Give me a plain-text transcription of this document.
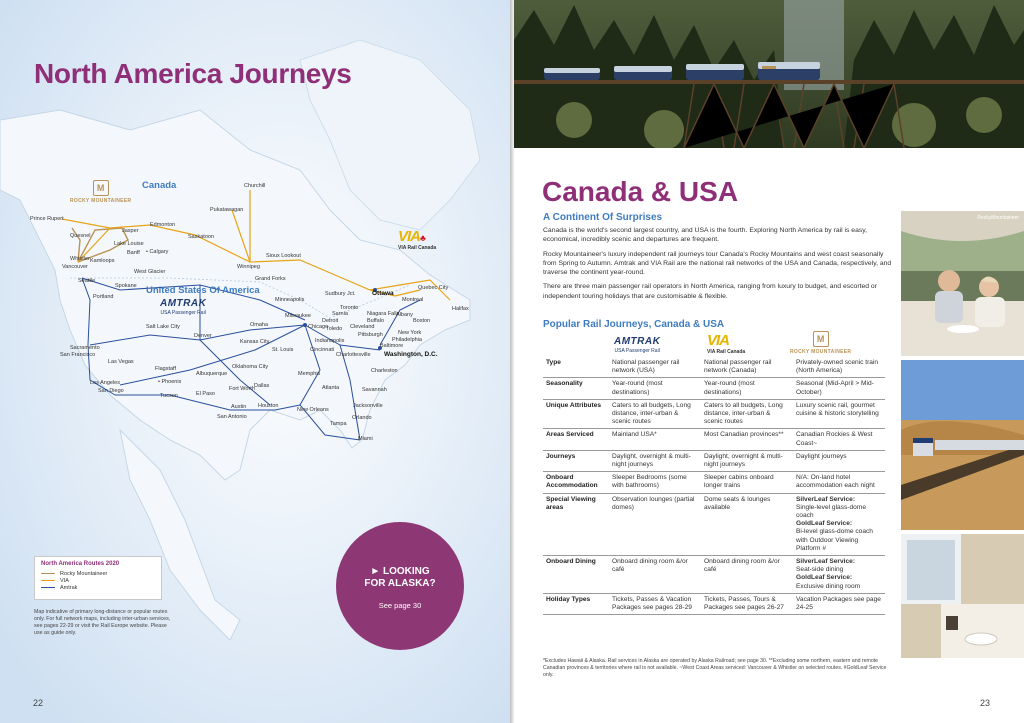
North America Journeys
Canada
United States Of America
M
ROCKY MOUNTAINEER
VIA♣
VIA Rail Canada
AMTRAK
USA Passenger Rail
Churchill
Pukatawagan
Prince Rupert
Quesnel
Jasper
Edmonton
Saskatoon
Banff
Lake Louise
• Calgary
Whistler Kamloops
Vancouver	Winnipeg
Sioux Lookout
West Glacier
Seattle
Spokane
Portland
Grand Forks
Minneapolis
Sudbury Jct.	Ottawa
Montreal
Quebec City
Halifax
Toronto
Sarnia	Niagara Falls
Buffalo
Albany
Boston
Detroit
Milwaukee
Chicago
Toledo Cleveland
Pittsburgh	New York
Philadelphia
Baltimore
Washington, D.C.
Salt Lake City
Denver
Omaha
Kansas City
St. Louis
Indianapolis
Cincinnati
Charlottesville
Sacramento
San Francisco
Las Vegas
Flagstaff
Albuquerque
Oklahoma City
Memphis
Atlanta
Charleston
Savannah
Los Angeles	• Phoenix
San Diego
Tucson	El Paso
Fort Worth Dallas
Austin Houston
San Antonio
New Orleans
Jacksonville
Orlando
Tampa
Miami
North America Routes 2020
Rocky Mountaineer
VIA
Amtrak
Map indicative of primary long-distance or popular routes only. For full network maps, including inter-urban services, see pages 22-29 or visit the Rail Europe website. Please use as guide only.
► LOOKING
FOR ALASKA?
See page 30
22
Canada & USA
A Continent Of Surprises

Canada is the world's second largest country, and USA is the fourth. Exploring North America by rail is easy, economical, incredibly scenic and departures are frequent.

Rocky Mountaineer's luxury independent rail journeys tour Canada's Rocky Mountains and west coast seasonally from Spring to Autumn. Amtrak and VIA Rail are the national rail networks of the USA and Canada, respectively, and traverse the continent year-round.

There are three main passenger rail operators in North America, ranging from luxury to budget, and escorted or independent touring holidays that are customisable & flexible.

Popular Rail Journeys, Canada & USA
AMTRAK
USA Passenger Rail
VIA
VIA Rail Canada
M
ROCKY MOUNTAINEER
Type	National passenger rail network (USA)	National passenger rail network (Canada)	Privately-owned scenic train (North America)
Seasonality	Year-round (most destinations)	Year-round (most destinations)	Seasonal (Mid-April > Mid-October)
Unique Attributes	Caters to all budgets, Long distance, inter-urban & scenic routes	Caters to all budgets, Long distance, inter-urban & scenic routes	Luxury scenic rail, gourmet cuisine & historic storytelling
Areas Serviced	Mainland USA*	Most Canadian provinces**	Canadian Rockies & West Coast~
Journeys	Daylight, overnight & multi-night journeys	Daylight, overnight & multi-night journeys	Daylight journeys
Onboard Accommodation	Sleeper Bedrooms (some with bathrooms)	Sleeper cabins onboard longer trains	N/A: On-land hotel accommodation each night
Special Viewing areas	Observation lounges (partial domes)	Dome seats & lounges available	SilverLeaf Service:
Single-level glass-dome coach
GoldLeaf Service:
Bi-level glass-dome coach with Outdoor Viewing Platform #
Onboard Dining	Onboard dining room &/or café	Onboard dining room &/or café	SilverLeaf Service:
Seat-side dining
GoldLeaf Service:
Exclusive dining room
Holiday Types	Tickets, Passes & Vacation Packages see pages 28-29	Tickets, Passes, Tours & Packages see pages 26-27	Vacation Packages see page 24-25
*Excludes Hawaii & Alaska. Rail services in Alaska are operated by Alaska Railroad; see page 30. **Excluding some northern, eastern and remote Canadian provinces & territories where rail is not available. ~West Coast Areas serviced: Vancouver & Whistler on selected routes. #GoldLeaf Service only.
RockyMountaineer
23
